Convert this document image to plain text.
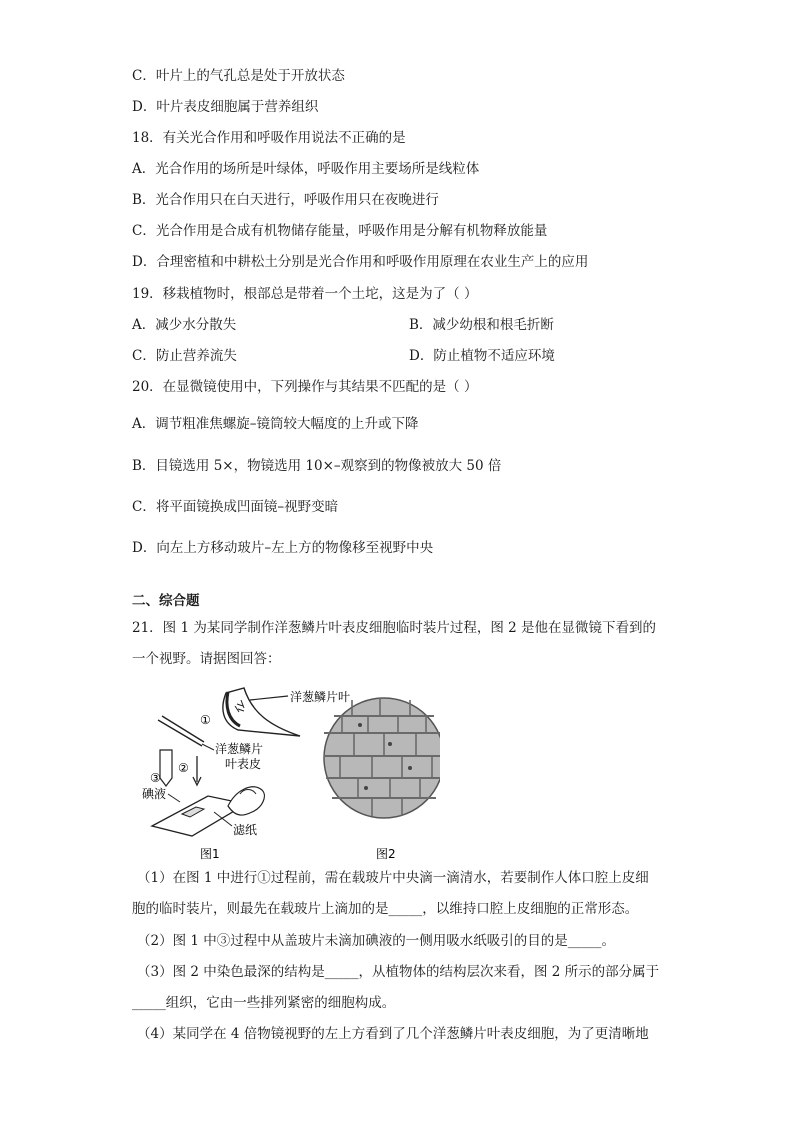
C．叶片上的气孔总是处于开放状态
D．叶片表皮细胞属于营养组织
18．有关光合作用和呼吸作用说法不正确的是
A．光合作用的场所是叶绿体，呼吸作用主要场所是线粒体
B．光合作用只在白天进行，呼吸作用只在夜晚进行
C．光合作用是合成有机物储存能量，呼吸作用是分解有机物释放能量
D．合理密植和中耕松土分别是光合作用和呼吸作用原理在农业生产上的应用
19．移栽植物时，根部总是带着一个土坨，这是为了（ ）
A．减少水分散失	B．减少幼根和根毛折断
C．防止营养流失	D．防止植物不适应环境
20．在显微镜使用中，下列操作与其结果不匹配的是（ ）
A．调节粗准焦螺旋–镜筒较大幅度的上升或下降
B．目镜选用 5×，物镜选用 10×–观察到的物像被放大 50 倍
C．将平面镜换成凹面镜–视野变暗
D．向左上方移动玻片–左上方的物像移至视野中央
二、综合题
21．图 1 为某同学制作洋葱鳞片叶表皮细胞临时装片过程，图 2 是他在显微镜下看到的
一个视野。请据图回答：
洋葱鳞片叶
①
洋葱鳞片
叶表皮
②
③
碘液
滤纸
图1	图2
（1）在图 1 中进行①过程前，需在载玻片中央滴一滴清水，若要制作人体口腔上皮细
胞的临时装片，则最先在载玻片上滴加的是_____，以维持口腔上皮细胞的正常形态。
（2）图 1 中③过程中从盖玻片未滴加碘液的一侧用吸水纸吸引的目的是_____。
（3）图 2 中染色最深的结构是_____，从植物体的结构层次来看，图 2 所示的部分属于
_____组织，它由一些排列紧密的细胞构成。
（4）某同学在 4 倍物镜视野的左上方看到了几个洋葱鳞片叶表皮细胞，为了更清晰地
